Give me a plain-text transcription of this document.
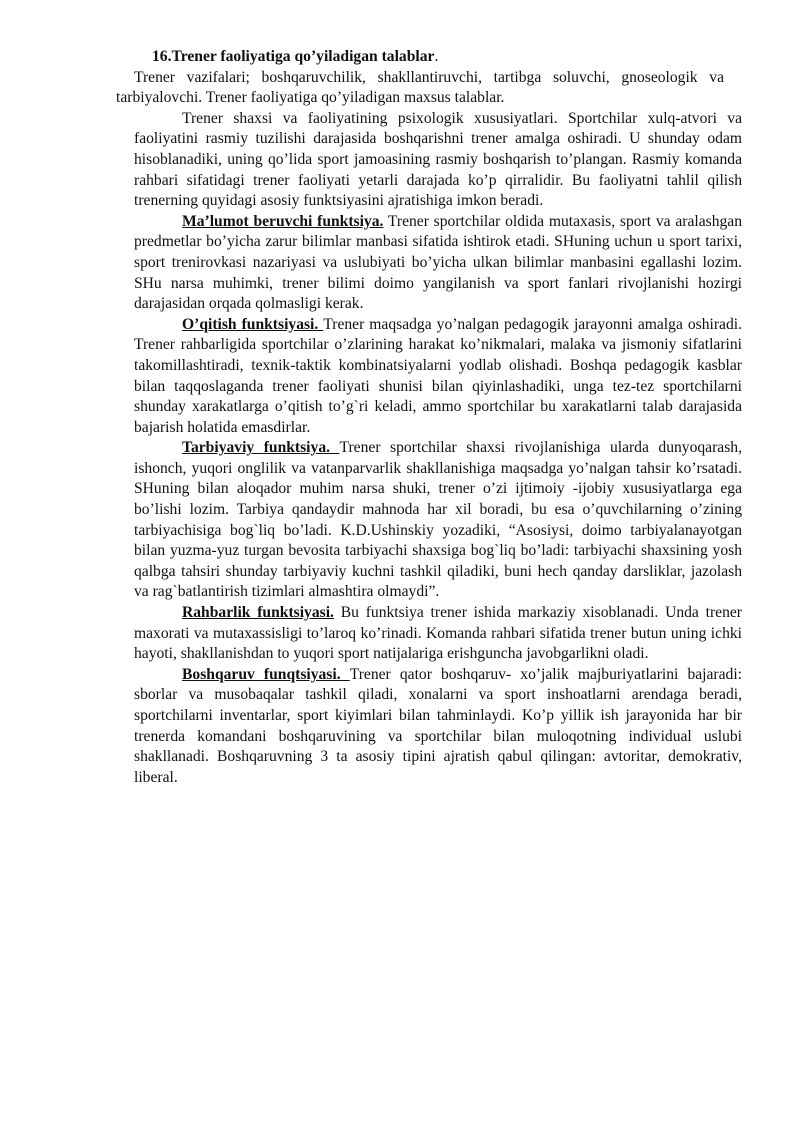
16.Trener faoliyatiga qo’yiladigan talablar.

Trener vazifalari; boshqaruvchilik, shakllantiruvchi, tartibga soluvchi, gnoseologik va tarbiyalovchi. Trener faoliyatiga qo’yiladigan maxsus talablar.

Trener shaxsi va faoliyatining psixologik xususiyatlari. Sportchilar xulq-atvori va faoliyatini rasmiy tuzilishi darajasida boshqarishni trener amalga oshiradi. U shunday odam hisoblanadiki, uning qo’lida sport jamoasining rasmiy boshqarish to’plangan. Rasmiy komanda rahbari sifatidagi trener faoliyati yetarli darajada ko’p qirralidir. Bu faoliyatni tahlil qilish trenerning quyidagi asosiy funktsiyasini ajratishiga imkon beradi.

Ma’lumot beruvchi funktsiya. Trener sportchilar oldida mutaxasis, sport va aralashgan predmetlar bo’yicha zarur bilimlar manbasi sifatida ishtirok etadi. SHuning uchun u sport tarixi, sport trenirovkasi nazariyasi va uslubiyati bo’yicha ulkan bilimlar manbasini egallashi lozim. SHu narsa muhimki, trener bilimi doimo yangilanish va sport fanlari rivojlanishi hozirgi darajasidan orqada qolmasligi kerak.

O’qitish funktsiyasi. Trener maqsadga yo’nalgan pedagogik jarayonni amalga oshiradi. Trener rahbarligida sportchilar o’zlarining harakat ko’nikmalari, malaka va jismoniy sifatlarini takomillashtiradi, texnik-taktik kombinatsiyalarni yodlab olishadi. Boshqa pedagogik kasblar bilan taqqoslaganda trener faoliyati shunisi bilan qiyinlashadiki, unga tez-tez sportchilarni shunday xarakatlarga o’qitish to’g`ri keladi, ammo sportchilar bu xarakatlarni talab darajasida bajarish holatida emasdirlar.

Tarbiyaviy funktsiya. Trener sportchilar shaxsi rivojlanishiga ularda dunyoqarash, ishonch, yuqori onglilik va vatanparvarlik shakllanishiga maqsadga yo’nalgan tahsir ko’rsatadi. SHuning bilan aloqador muhim narsa shuki, trener o’zi ijtimoiy -ijobiy xususiyatlarga ega bo’lishi lozim. Tarbiya qandaydir mahnoda har xil boradi, bu esa o’quvchilarning o’zining tarbiyachisiga bog`liq bo’ladi. K.D.Ushinskiy yozadiki, “Asosiysi, doimo tarbiyalanayotgan bilan yuzma-yuz turgan bevosita tarbiyachi shaxsiga bog`liq bo’ladi: tarbiyachi shaxsining yosh qalbga tahsiri shunday tarbiyaviy kuchni tashkil qiladiki, buni hech qanday darsliklar, jazolash va rag`batlantirish tizimlari almashtira olmaydi”.

Rahbarlik funktsiyasi. Bu funktsiya trener ishida markaziy xisoblanadi. Unda trener maxorati va mutaxassisligi to’laroq ko’rinadi. Komanda rahbari sifatida trener butun uning ichki hayoti, shakllanishdan to yuqori sport natijalariga erishguncha javobgarlikni oladi.

Boshqaruv funqtsiyasi. Trener qator boshqaruv- xo’jalik majburiyatlarini bajaradi: sborlar va musobaqalar tashkil qiladi, xonalarni va sport inshoatlarni arendaga beradi, sportchilarni inventarlar, sport kiyimlari bilan tahminlaydi. Ko’p yillik ish jarayonida har bir trenerda komandani boshqaruvining va sportchilar bilan muloqotning individual uslubi shakllanadi. Boshqaruvning 3 ta asosiy tipini ajratish qabul qilingan: avtoritar, demokrativ, liberal.
